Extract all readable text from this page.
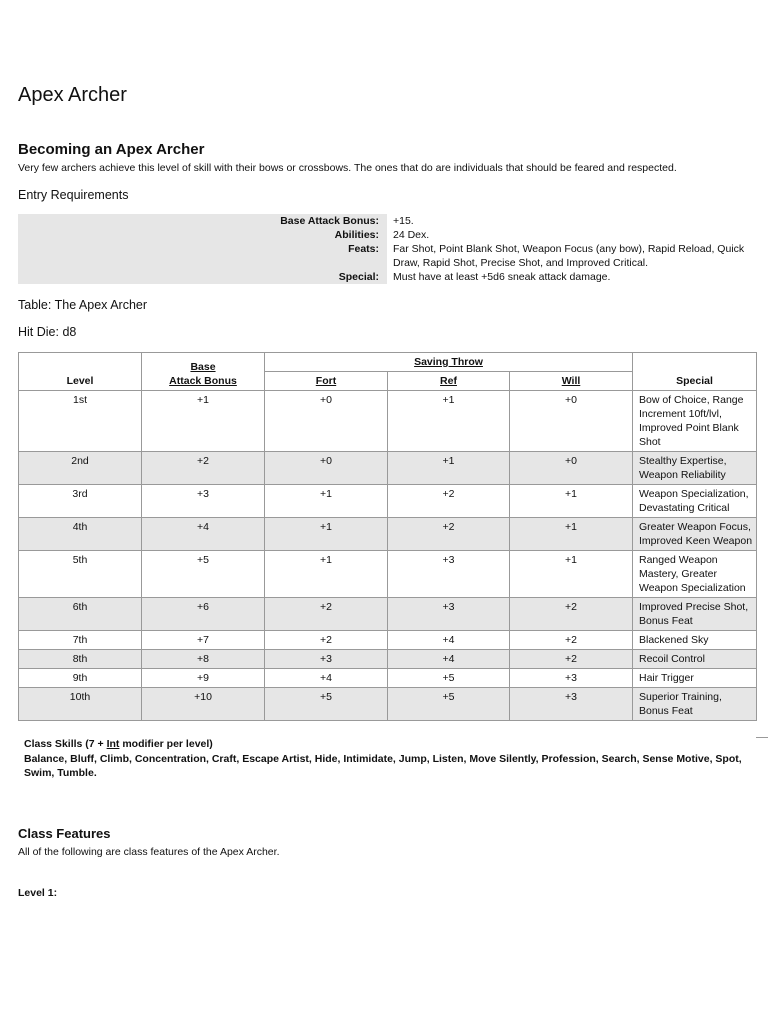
Apex Archer
Becoming an Apex Archer
Very few archers achieve this level of skill with their bows or crossbows. The ones that do are individuals that should be feared and respected.
Entry Requirements
Base Attack Bonus:	+15.
Abilities:	24 Dex.
Feats:	Far Shot, Point Blank Shot, Weapon Focus (any bow), Rapid Reload, Quick Draw, Rapid Shot, Precise Shot, and Improved Critical.
Special:	Must have at least +5d6 sneak attack damage.
Table: The Apex Archer
Hit Die: d8
Level	Base
Attack Bonus	Saving Throw			Special
		Fort	Ref	Will	
1st	+1	+0	+1	+0	Bow of Choice, Range Increment 10ft/lvl, Improved Point Blank Shot
2nd	+2	+0	+1	+0	Stealthy Expertise, Weapon Reliability
3rd	+3	+1	+2	+1	Weapon Specialization, Devastating Critical
4th	+4	+1	+2	+1	Greater Weapon Focus, Improved Keen Weapon
5th	+5	+1	+3	+1	Ranged Weapon Mastery, Greater Weapon Specialization
6th	+6	+2	+3	+2	Improved Precise Shot, Bonus Feat
7th	+7	+2	+4	+2	Blackened Sky
8th	+8	+3	+4	+2	Recoil Control
9th	+9	+4	+5	+3	Hair Trigger
10th	+10	+5	+5	+3	Superior Training, Bonus Feat
Class Skills (7 + Int modifier per level)
Balance, Bluff, Climb, Concentration, Craft, Escape Artist, Hide, Intimidate, Jump, Listen, Move Silently, Profession, Search, Sense Motive, Spot, Swim, Tumble.
Class Features
All of the following are class features of the Apex Archer.
Level 1:
